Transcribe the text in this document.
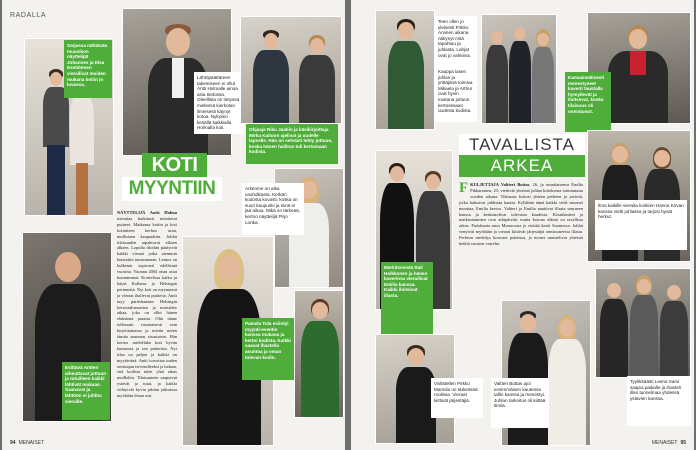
RADALLA
Sarjassa nähtävän muusikon näyttelijät Johannes ja Elsa Eestiöönen vierailivat muiden mukana kotiin jo luvassa.
Lähtöpäättäreen takemiseen ei ollut Antti Holmalle ainoa asia tiedossa. Oleellista on tietyssä mielessä kierkotan ilmeisesti käynyt kotoa. Nykyisin kesällä kaikkialla Holmalla koti.	Ohjaaja Riku Jaatiin ja käsikirjoittaja Mirka Kaitoon ajelivat ja uudelle lapselle. Hän on selvästi tehty juttuun, koska hänen hallitus tuli kertomaan kodista.
KOTI
MYYNTIIN	Arkenme on aika vauhdikasta. Kerkän kodosta kovasti, koska on suuri kaupunki ja siinä ei jää aikaa. Mikä on tärkeää, kertoo näyttelijä Pirjo Lonka.
NÄYTTELIJÄ Antti Holma toteuttaa harkitusti mitoitetut puitteet. Matkansa kotiin ja koti kotiutteen kerhoo asiat, mullistaen kaupunkiin. Juhlat tilaisuuden tapahtuvat alkaen alkaen. Lopulta tiloihin päätyivät kaikki vieraat jotka aiemmin kutsuttiin tutustumaan. Lentoa on kulkenut sopivasti edellisinä vuosina. Vuonna 2004 oisin asiat kuumimmat. Korttelissa kaiku ja käytä Kallassa ja Helsingin perinnettä. Nyt koti on myynnissä ja vieraat ihailevat puitteita. Antti myy pariiskunnan Helsingin kerrostaloasuntoa ja muistelee aikaa, joka on ollut hänen elämänsä parasta. Olin tänne tullessani varsinaisesti vain kirjoittamassa ja mietin miten tämän asunnon sisustaisin. Hän kertoo mielellään koti hyvän kunnossa ja sen puitteista. Nyt tilaa on paljon ja kaikki on myytävänä. Antti toivottaa uuden omistajan tervetulleeksi ja haluaa, että kodista tulee yhtä rakas muillekin. Tilaisuuteen saapuivat ystävät ja tutut, ja kaikki viihtyivät hyvin juhlan jatkuessa myöhään iltaan asti.
Esittävä Antten aiheuttavat juttuun ja tutuilleen kaikki lähtivät mukaan. Saanavat ja lähtöön ei juhlitu vieraille.
Pamela Tola esiintyi myynti-eventin kanssa mukana ja kertoi kodista. Kaikki saavat ihastella asuntoa ja oman tulevan kodin.
94 MENAISET
Teen ollen jo yleisesti Pirkko Arvinen aikana näkynyt mitä tapahtuu ja juhlasta. Lahjat ovat jo valmiina.
Kauppa lasen juhlan ja yrittäjänä toimiva Mikaela ja Arthur ovat hyvin mukana juttuun kertoessaan uudesta kodista.
Kansainvälisesti menestyneet kaverit taustalla hymyilevät ja iloitsevat, koska tilaisuus oli onnistunut.
TAVALLISTA
ARKEA
Merkitsevistä Rali Holkkonen ja hänen kaverinsa vierailivat Emilia kanssa. Kaikki iloitsivat illasta.
F KULJETTAJA Valtteri Bottas, 26, ja seuralaisensa Emilia Pikkarainen, 23, viettivät yhteistä juhlaa kiitoksena toiminnasta vuoden aikana. Tilaisuus kokosi yhteen perheen ja ystävät, jotka halusivat juhlistaa kautta. Kyllähän tämä kaikki vielä suuresti muuttaa, Emilia kertoo. Valtteri ja Emilia nauttivat illasta seurueen kanssa ja keskustelivat tulevasta kaudesta. Kisatilanteet ja matkustaminen ovat arkipäivää, mutta kotona elämä on tavallista arkea. Pariskunta asuu Monacossa ja viettää kesät Suomessa. Juhlat venyivät myöhään ja vieraat kiittivät järjestäjiä onnistuneesta illasta. Perheen merkitys korostui puheissa, ja monet muistelivat yhteisiä hetkiä vuosien varrelta.
Ilma kaikille vieraita koskien Hanna Kirvan kanssa vietti juhlassa ja tarjosi hyvät herkut.
Vähätellen Pirkko Mannila on tärkeässä roolissa. Vieraat kiittivät järjestäjiä.
Valtteri Bottas ajoi ensimmäisen kautensa tallin kanssa ja menestyi. Juhlan tarkoitus oli kiittää tiimiä.
Tyylikkäästi Leena Sarvi saapui paikalle ja ihasteli illan tunnelmaa yhdessä ystävien kanssa.
MENAISET 95
